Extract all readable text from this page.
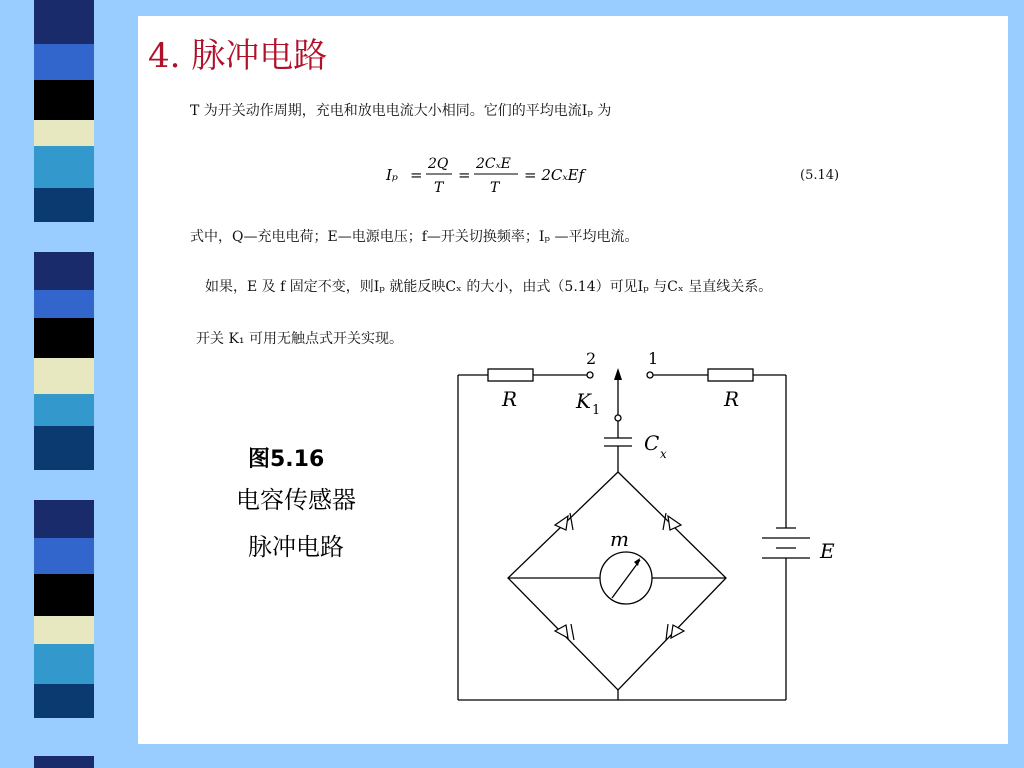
4. 脉冲电路
T 为开关动作周期，充电和放电电流大小相同。它们的平均电流Iₚ 为
Iₚ =
2Q
T
=
2CₓE
T
= 2CₓEf	(5.14)
式中，Q—充电电荷；E—电源电压；f—开关切换频率；Iₚ —平均电流。
如果，E 及 f 固定不变，则Iₚ 就能反映Cₓ 的大小，由式（5.14）可见Iₚ 与Cₓ 呈直线关系。
开关 K₁ 可用无触点式开关实现。
图5.16
电容传感器
脉冲电路
2	1
R	R
K 1
C x
m	E
